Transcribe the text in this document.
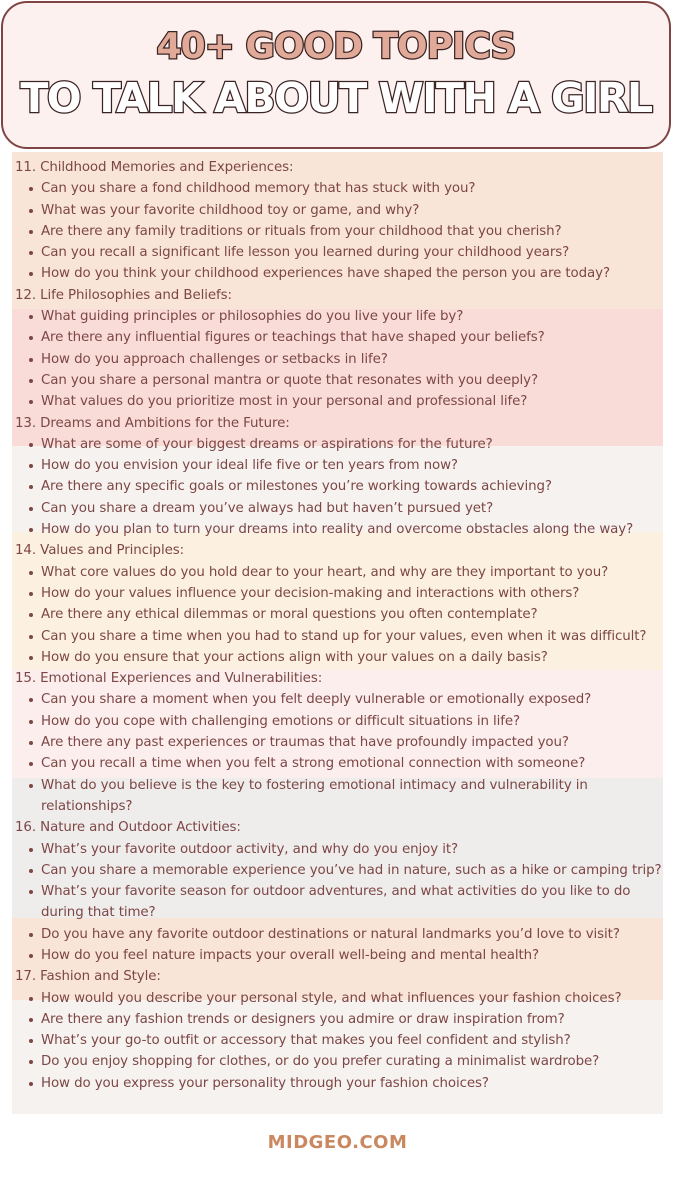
40+ GOOD TOPICS
TO TALK ABOUT WITH A GIRL
11. Childhood Memories and Experiences:
Can you share a fond childhood memory that has stuck with you?
What was your favorite childhood toy or game, and why?
Are there any family traditions or rituals from your childhood that you cherish?
Can you recall a significant life lesson you learned during your childhood years?
How do you think your childhood experiences have shaped the person you are today?
12. Life Philosophies and Beliefs:
What guiding principles or philosophies do you live your life by?
Are there any influential figures or teachings that have shaped your beliefs?
How do you approach challenges or setbacks in life?
Can you share a personal mantra or quote that resonates with you deeply?
What values do you prioritize most in your personal and professional life?
13. Dreams and Ambitions for the Future:
What are some of your biggest dreams or aspirations for the future?
How do you envision your ideal life five or ten years from now?
Are there any specific goals or milestones you’re working towards achieving?
Can you share a dream you’ve always had but haven’t pursued yet?
How do you plan to turn your dreams into reality and overcome obstacles along the way?
14. Values and Principles:
What core values do you hold dear to your heart, and why are they important to you?
How do your values influence your decision-making and interactions with others?
Are there any ethical dilemmas or moral questions you often contemplate?
Can you share a time when you had to stand up for your values, even when it was difficult?
How do you ensure that your actions align with your values on a daily basis?
15. Emotional Experiences and Vulnerabilities:
Can you share a moment when you felt deeply vulnerable or emotionally exposed?
How do you cope with challenging emotions or difficult situations in life?
Are there any past experiences or traumas that have profoundly impacted you?
Can you recall a time when you felt a strong emotional connection with someone?
What do you believe is the key to fostering emotional intimacy and vulnerability in relationships?
16. Nature and Outdoor Activities:
What’s your favorite outdoor activity, and why do you enjoy it?
Can you share a memorable experience you’ve had in nature, such as a hike or camping trip?
What’s your favorite season for outdoor adventures, and what activities do you like to do during that time?
Do you have any favorite outdoor destinations or natural landmarks you’d love to visit?
How do you feel nature impacts your overall well-being and mental health?
17. Fashion and Style:
How would you describe your personal style, and what influences your fashion choices?
Are there any fashion trends or designers you admire or draw inspiration from?
What’s your go-to outfit or accessory that makes you feel confident and stylish?
Do you enjoy shopping for clothes, or do you prefer curating a minimalist wardrobe?
How do you express your personality through your fashion choices?
MIDGEO.COM
